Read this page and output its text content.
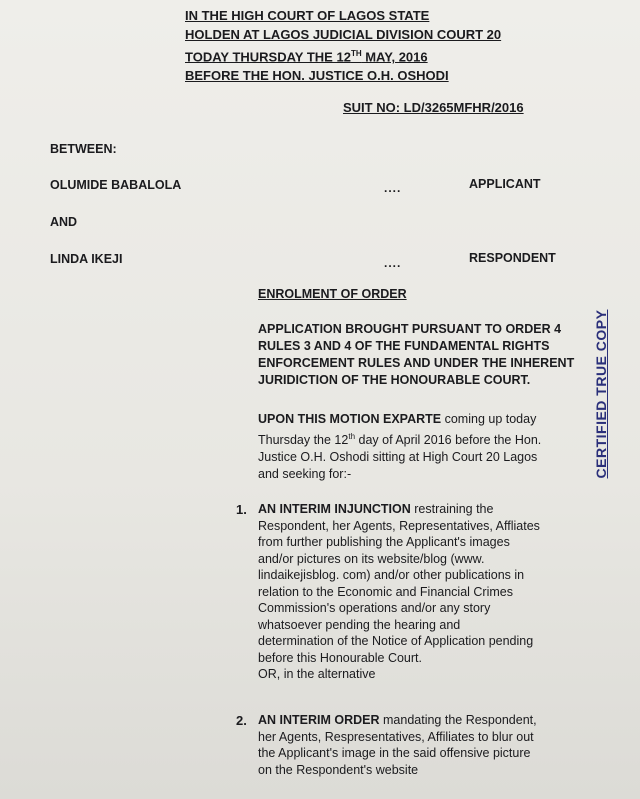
IN THE HIGH COURT OF LAGOS STATE
HOLDEN AT LAGOS JUDICIAL DIVISION COURT 20
TODAY THURSDAY THE 12TH MAY, 2016
BEFORE THE HON. JUSTICE O.H. OSHODI
SUIT NO: LD/3265MFHR/2016
BETWEEN:
OLUMIDE BABALOLA	....	APPLICANT
AND
LINDA IKEJI	....	RESPONDENT
ENROLMENT OF ORDER
APPLICATION BROUGHT PURSUANT TO ORDER 4
RULES 3 AND 4 OF THE FUNDAMENTAL RIGHTS
ENFORCEMENT RULES AND UNDER THE INHERENT
JURIDICTION OF THE HONOURABLE COURT.
UPON THIS MOTION EXPARTE coming up today
Thursday the 12th day of April 2016 before the Hon.
Justice O.H. Oshodi sitting at High Court 20 Lagos
and seeking for:-
1. AN INTERIM INJUNCTION restraining the
Respondent, her Agents, Representatives, Affliates
from further publishing the Applicant's images
and/or pictures on its website/blog (www.
lindaikejisblog. com) and/or other publications in
relation to the Economic and Financial Crimes
Commission's operations and/or any story
whatsoever pending the hearing and
determination of the Notice of Application pending
before this Honourable Court.
OR, in the alternative
2. AN INTERIM ORDER mandating the Respondent,
her Agents, Respresentatives, Affiliates to blur out
the Applicant's image in the said offensive picture
on the Respondent's website
CERTIFIED TRUE COPY
